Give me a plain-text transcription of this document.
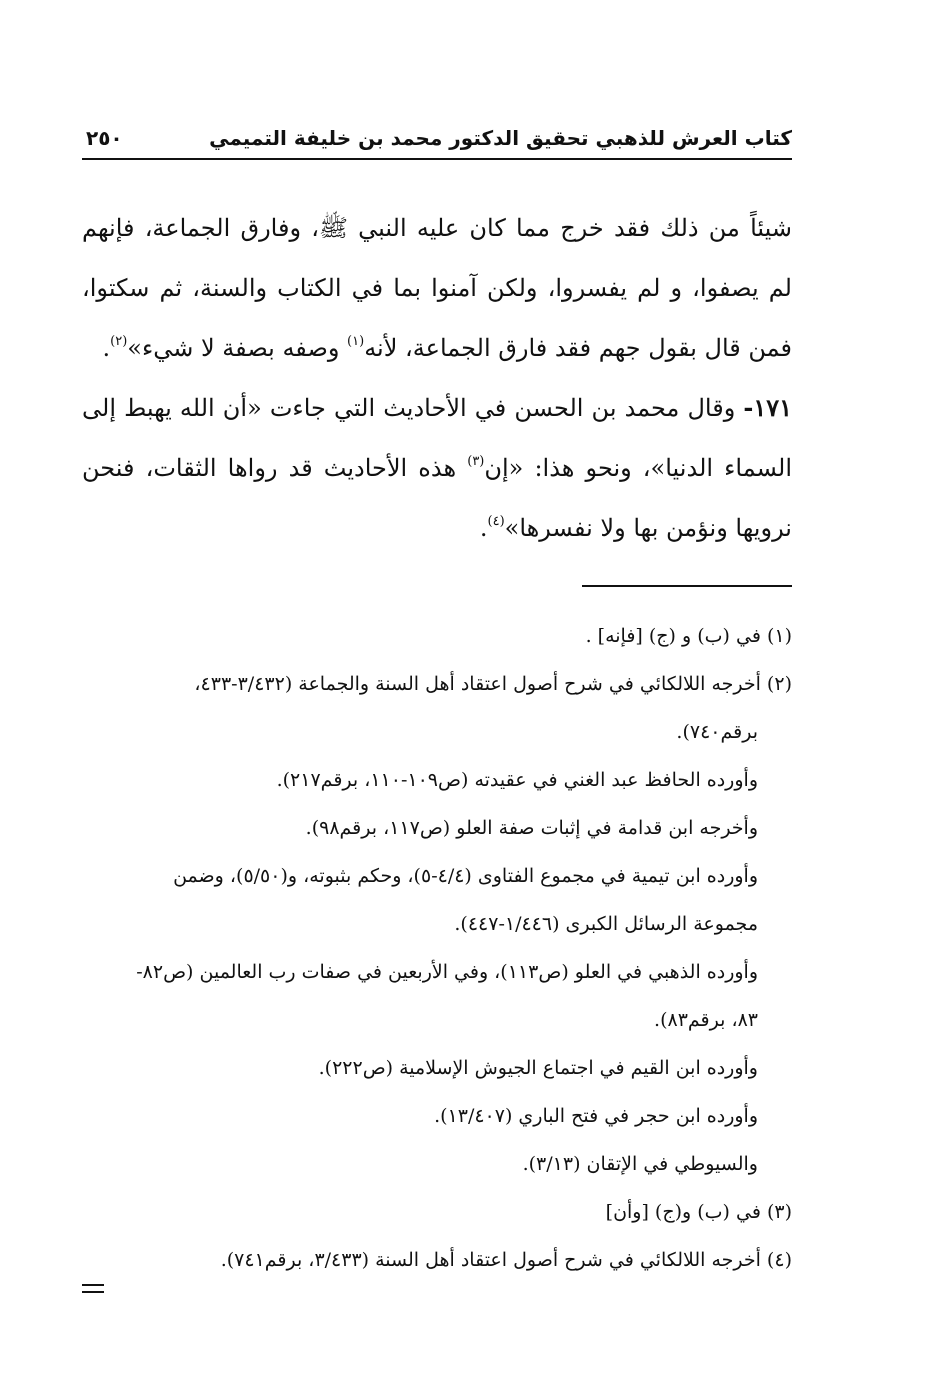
كتاب العرش للذهبي تحقيق الدكتور محمد بن خليفة التميمي
٢٥٠

شيئاً من ذلك فقد خرج مما كان عليه النبي ﷺ، وفارق الجماعة، فإنهم لم يصفوا، و لم يفسروا، ولكن آمنوا بما في الكتاب والسنة، ثم سكتوا، فمن قال بقول جهم فقد فارق الجماعة، لأنه$^{(١)}$ وصفه بصفة لا شيء»$^{(٢)}$.

١٧١- وقال محمد بن الحسن في الأحاديث التي جاءت «أن الله يهبط إلى السماء الدنيا»، ونحو هذا: «إن$^{(٣)}$ هذه الأحاديث قد رواها الثقات، فنحن نرويها ونؤمن بها ولا نفسرها»$^{(٤)}$.

(١) في (ب) و (ج) [فإنه] .

(٢) أخرجه اللالكائي في شرح أصول اعتقاد أهل السنة والجماعة (٣/٤٣٢-٤٣٣،

برقم٧٤٠).

وأورده الحافظ عبد الغني في عقيدته (ص١٠٩-١١٠، برقم٢١٧).

وأخرجه ابن قدامة في إثبات صفة العلو (ص١١٧، برقم٩٨).

وأورده ابن تيمية في مجموع الفتاوى (٤/٤-٥)، وحكم بثبوته، و(٥/٥٠)، وضمن

مجموعة الرسائل الكبرى (١/٤٤٦-٤٤٧).

وأورده الذهبي في العلو (ص١١٣)، وفي الأربعين في صفات رب العالمين (ص٨٢-

٨٣، برقم٨٣).

وأورده ابن القيم في اجتماع الجيوش الإسلامية (ص٢٢٢).

وأورده ابن حجر في فتح الباري (١٣/٤٠٧).

والسيوطي في الإتقان (٣/١٣).

(٣) في (ب) و(ج) [وأن]

(٤) أخرجه اللالكائي في شرح أصول اعتقاد أهل السنة (٣/٤٣٣، برقم٧٤١).
